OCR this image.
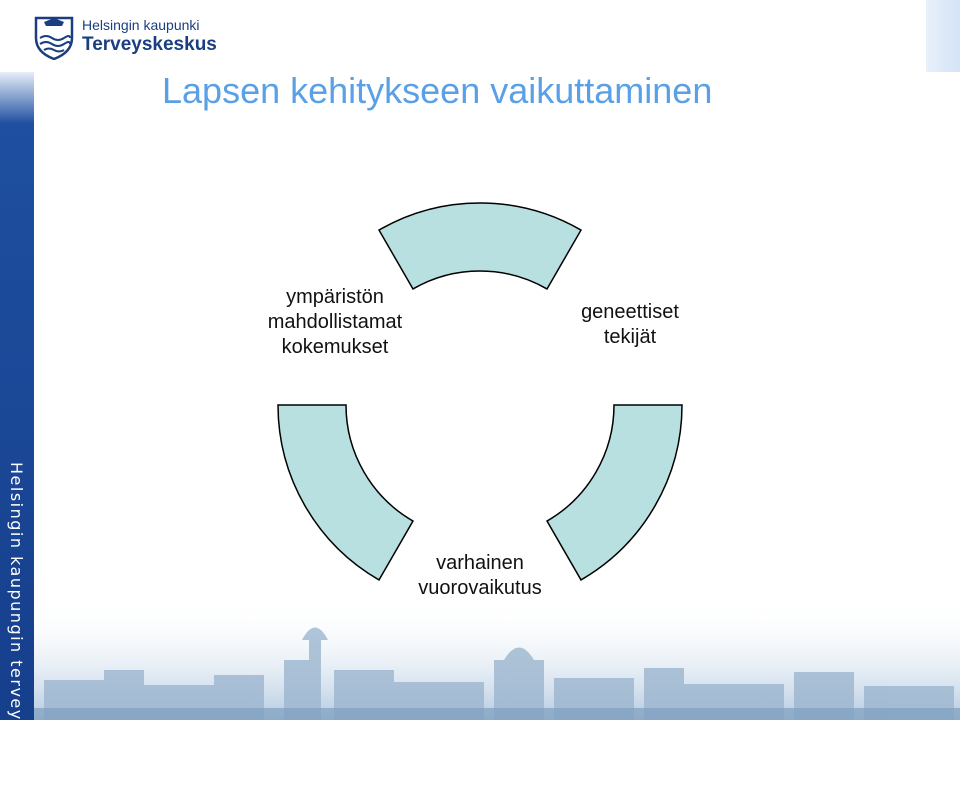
Helsingin kaupunki
Terveyskeskus
Lapsen kehitykseen vaikuttaminen
Helsingin kaupungin terveyskeskus
ympäristön
mahdollistamat
kokemukset
geneettiset
tekijät
varhainen
vuorovaikutus
